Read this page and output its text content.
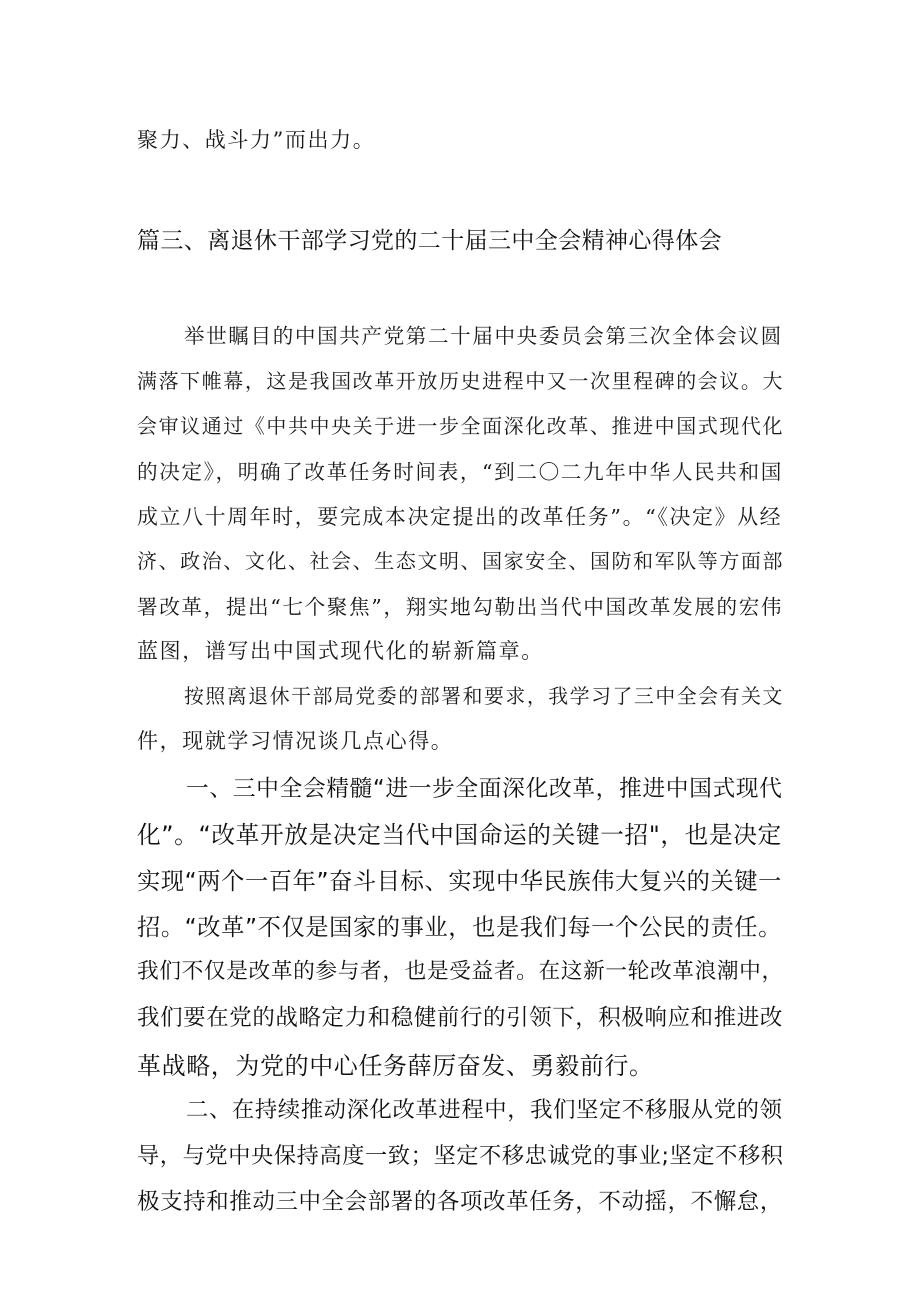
聚力、战斗力”而出力。

篇三、离退休干部学习党的二十届三中全会精神心得体会

举世瞩目的中国共产党第二十届中央委员会第三次全体会议圆

满落下帷幕，这是我国改革开放历史进程中又一次里程碑的会议。大

会审议通过《中共中央关于进一步全面深化改革、推进中国式现代化

的决定》，明确了改革任务时间表，“到二〇二九年中华人民共和国

成立八十周年时，要完成本决定提出的改革任务”。“《决定》从经

济、政治、文化、社会、生态文明、国家安全、国防和军队等方面部

署改革，提出“七个聚焦”，翔实地勾勒出当代中国改革发展的宏伟

蓝图，谱写出中国式现代化的崭新篇章。

按照离退休干部局党委的部署和要求，我学习了三中全会有关文

件，现就学习情况谈几点心得。

一、三中全会精髓“进一步全面深化改革，推进中国式现代

化”。“改革开放是决定当代中国命运的关键一招"，也是决定

实现“两个一百年”奋斗目标、实现中华民族伟大复兴的关键一

招。“改革”不仅是国家的事业，也是我们每一个公民的责任。

我们不仅是改革的参与者，也是受益者。在这新一轮改革浪潮中，

我们要在党的战略定力和稳健前行的引领下，积极响应和推进改

革战略，为党的中心任务薛厉奋发、勇毅前行。

二、在持续推动深化改革进程中，我们坚定不移服从党的领

导，与党中央保持高度一致；坚定不移忠诚党的事业;坚定不移积

极支持和推动三中全会部署的各项改革任务，不动摇，不懈怠，
